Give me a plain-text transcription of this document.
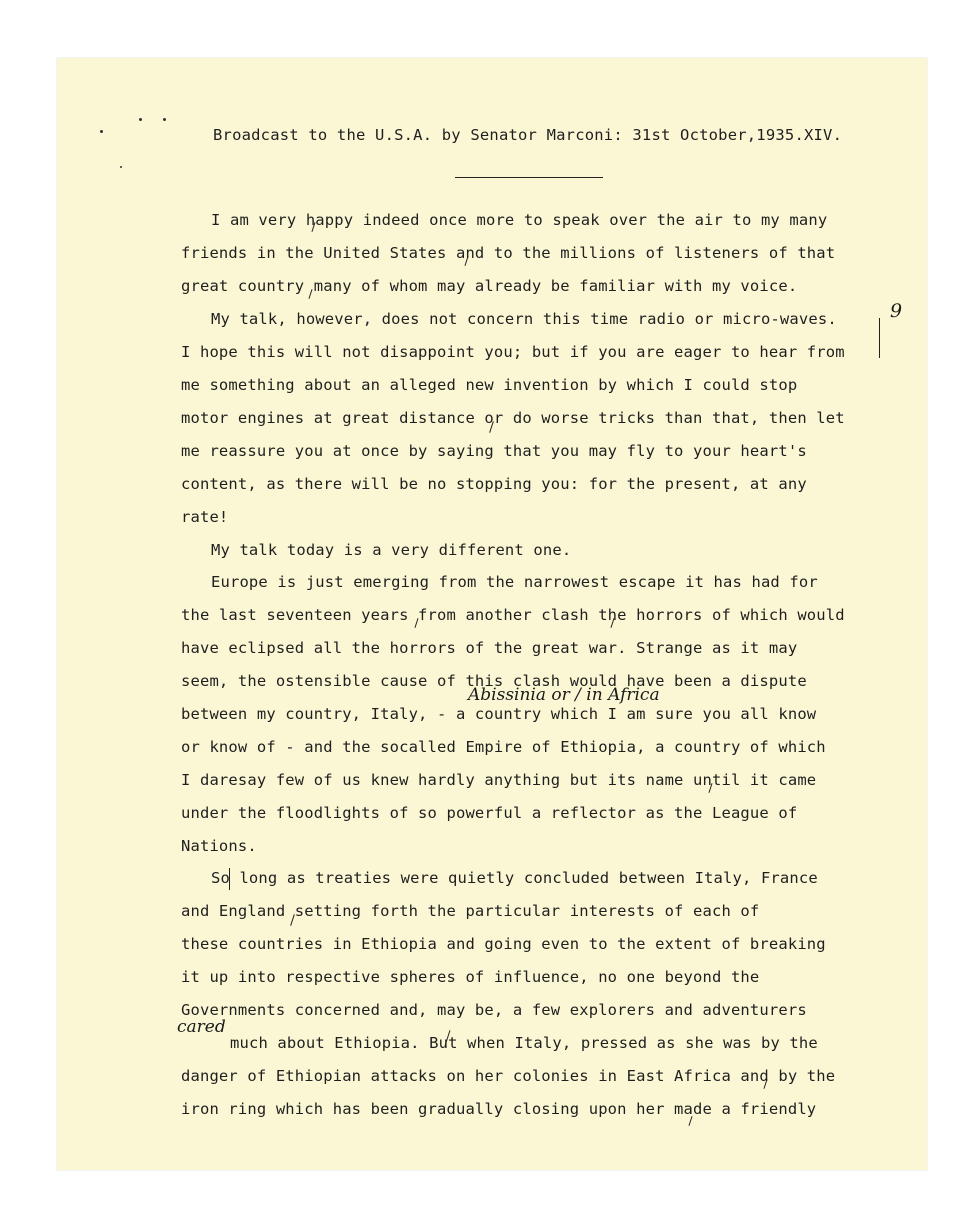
Broadcast to the U.S.A. by Senator Marconi: 31st October,1935.XIV.
I am very happy indeed once more to speak over the air to my many
friends in the United States and to the millions of listeners of that
great country many of whom may already be familiar with my voice.
My talk, however, does not concern this time radio or micro-waves.
I hope this will not disappoint you; but if you are eager to hear from
me something about an alleged new invention by which I could stop
motor engines at great distance or do worse tricks than that, then let
me reassure you at once by saying that you may fly to your heart's
content, as there will be no stopping you: for the present, at any
rate!
My talk today is a very different one.
Europe is just emerging from the narrowest escape it has had for
the last seventeen years from another clash the horrors of which would
have eclipsed all the horrors of the great war. Strange as it may
seem, the ostensible cause of this clash would have been a dispute
between my country, Italy, - a country which I am sure you all know
or know of - and the socalled Empire of Ethiopia, a country of which
I daresay few of us knew hardly anything but its name until it came
under the floodlights of so powerful a reflector as the League of
Nations.
So long as treaties were quietly concluded between Italy, France
and England setting forth the particular interests of each of
these countries in Ethiopia and going even to the extent of breaking
it up into respective spheres of influence, no one beyond the
Governments concerned and, may be, a few explorers and adventurers
much about Ethiopia. But when Italy, pressed as she was by the
danger of Ethiopian attacks on her colonies in East Africa and by the
iron ring which has been gradually closing upon her made a friendly
Abissinia or / in Africa
cared
9
